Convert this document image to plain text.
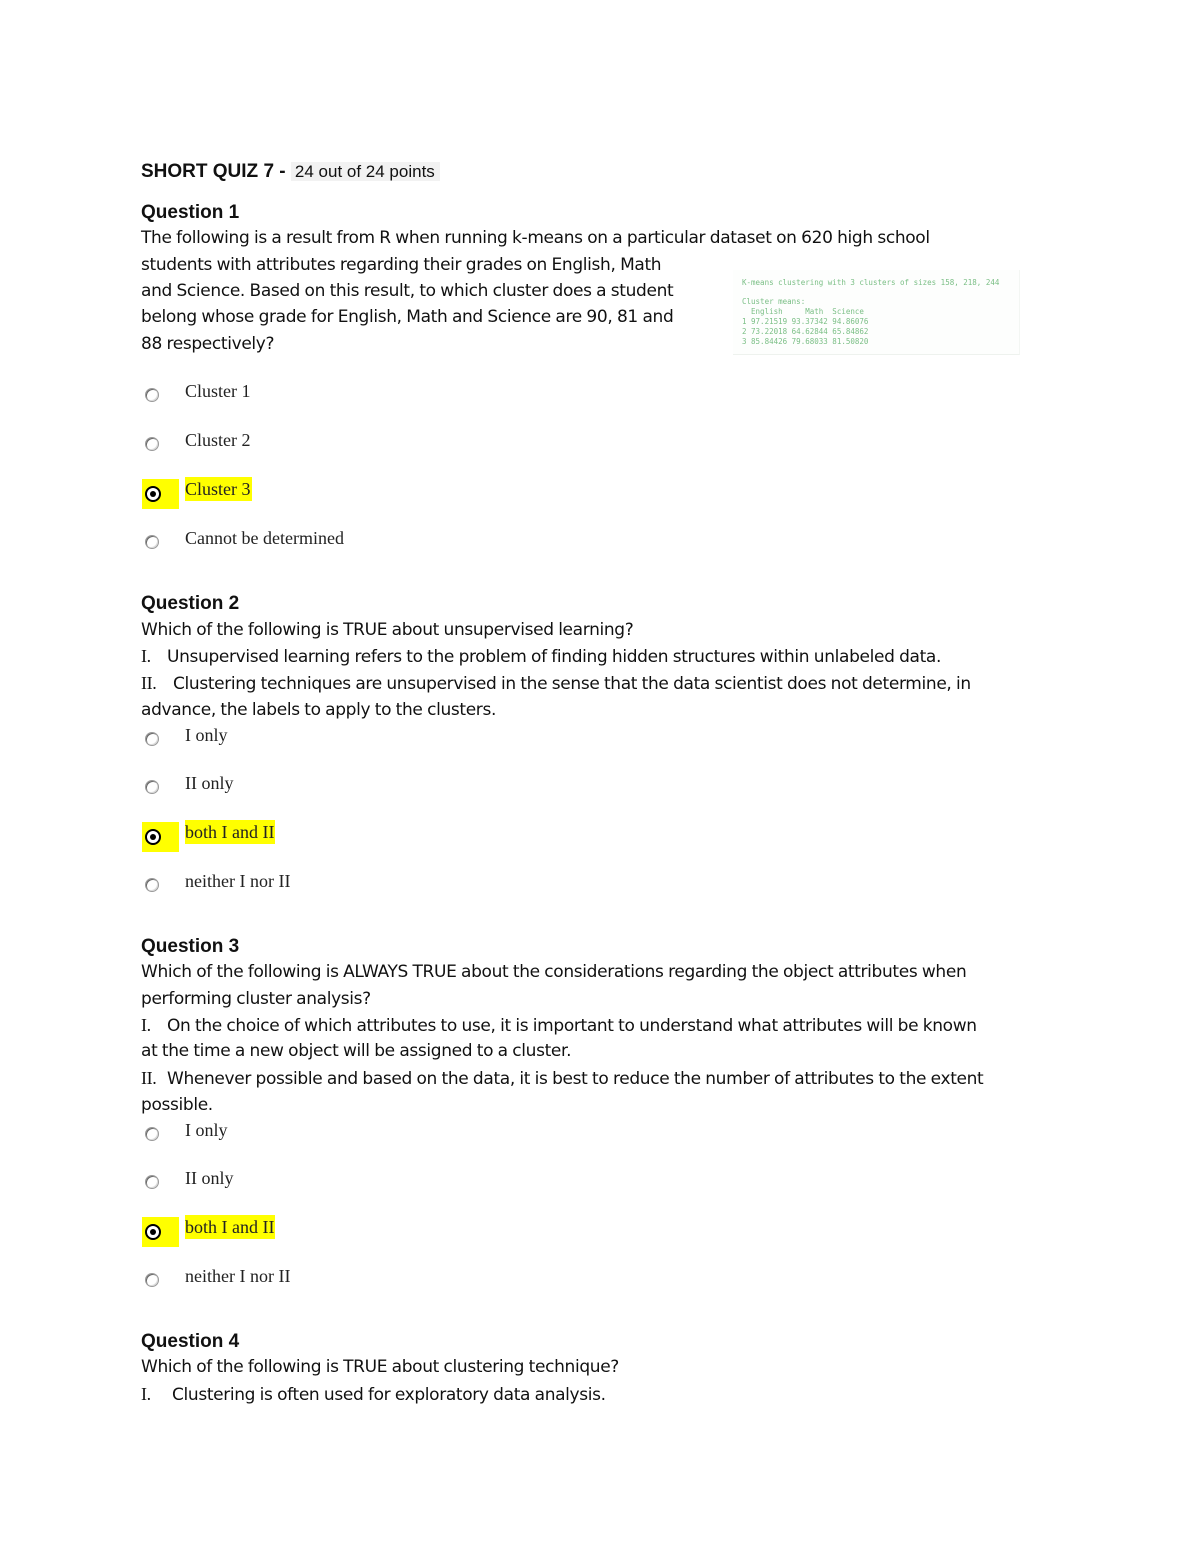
SHORT QUIZ 7 - 24 out of 24 points
Question 1
The following is a result from R when running k-means on a particular dataset on 620 high school
students with attributes regarding their grades on English, Math
and Science. Based on this result, to which cluster does a student
belong whose grade for English, Math and Science are 90, 81 and
88 respectively?
K-means clustering with 3 clusters of sizes 158, 218, 244
Cluster means:
English     Math  Science
1 97.21519 93.37342 94.86076
2 73.22018 64.62844 65.84862
3 85.84426 79.68033 81.50820
Cluster 1
Cluster 2
Cluster 3
Cannot be determined
Question 2
Which of the following is TRUE about unsupervised learning?
I. Unsupervised learning refers to the problem of finding hidden structures within unlabeled data.
II. Clustering techniques are unsupervised in the sense that the data scientist does not determine, in
advance, the labels to apply to the clusters.
I only
II only
both I and II
neither I nor II
Question 3
Which of the following is ALWAYS TRUE about the considerations regarding the object attributes when
performing cluster analysis?
I. On the choice of which attributes to use, it is important to understand what attributes will be known
at the time a new object will be assigned to a cluster.
II. Whenever possible and based on the data, it is best to reduce the number of attributes to the extent
possible.
I only
II only
both I and II
neither I nor II
Question 4
Which of the following is TRUE about clustering technique?
I. Clustering is often used for exploratory data analysis.
